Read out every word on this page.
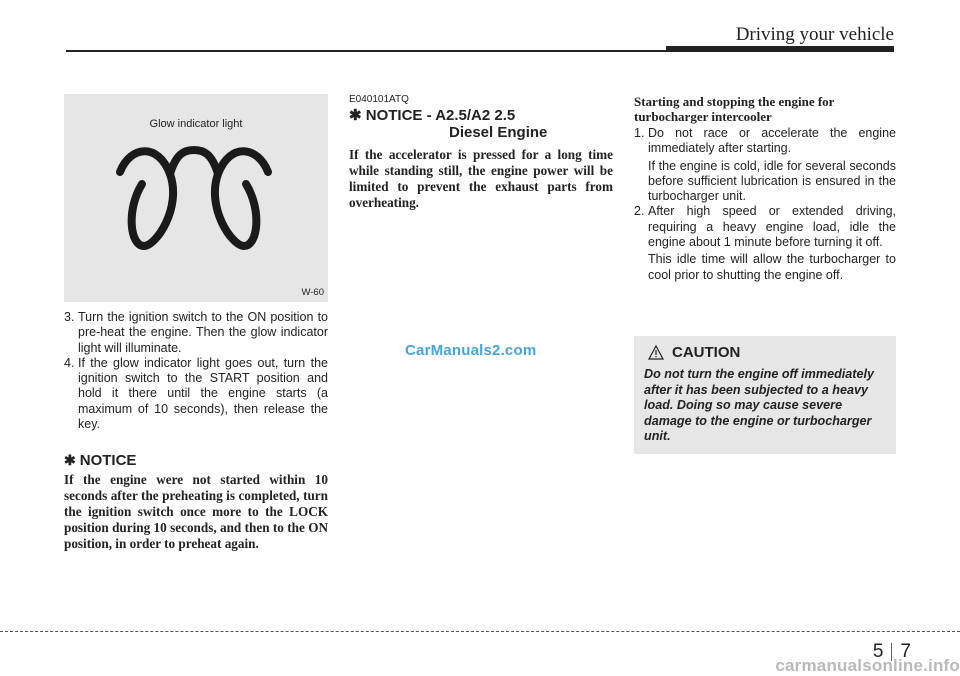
Driving your vehicle
Glow indicator light
W-60
3. Turn the ignition switch to the ON position to pre-heat the engine. Then the glow indicator light will illuminate.

4. If the glow indicator light goes out, turn the ignition switch to the START position and hold it there until the engine starts (a maximum of 10 seconds), then release the key.

✱ NOTICE

If the engine were not started within 10 seconds after the preheating is completed, turn the ignition switch once more to the LOCK position during 10 seconds, and then to the ON position, in order to preheat again.

E040101ATQ
✱ NOTICE - A2.5/A2 2.5
Diesel Engine

If the accelerator is pressed for a long time while standing still, the engine power will be limited to prevent the exhaust parts from overheating.

Starting and stopping the engine for turbocharger intercooler

1. Do not race or accelerate the engine immediately after starting.

If the engine is cold, idle for several seconds before sufficient lubrication is ensured in the turbocharger unit.

2. After high speed or extended driving, requiring a heavy engine load, idle the engine about 1 minute before turning it off.

This idle time will allow the turbocharger to cool prior to shutting the engine off.

CAUTION

Do not turn the engine off immediately after it has been subjected to a heavy load. Doing so may cause severe damage to the engine or turbocharger unit.

CarManuals2.com
5 7
carmanualsonline.info
